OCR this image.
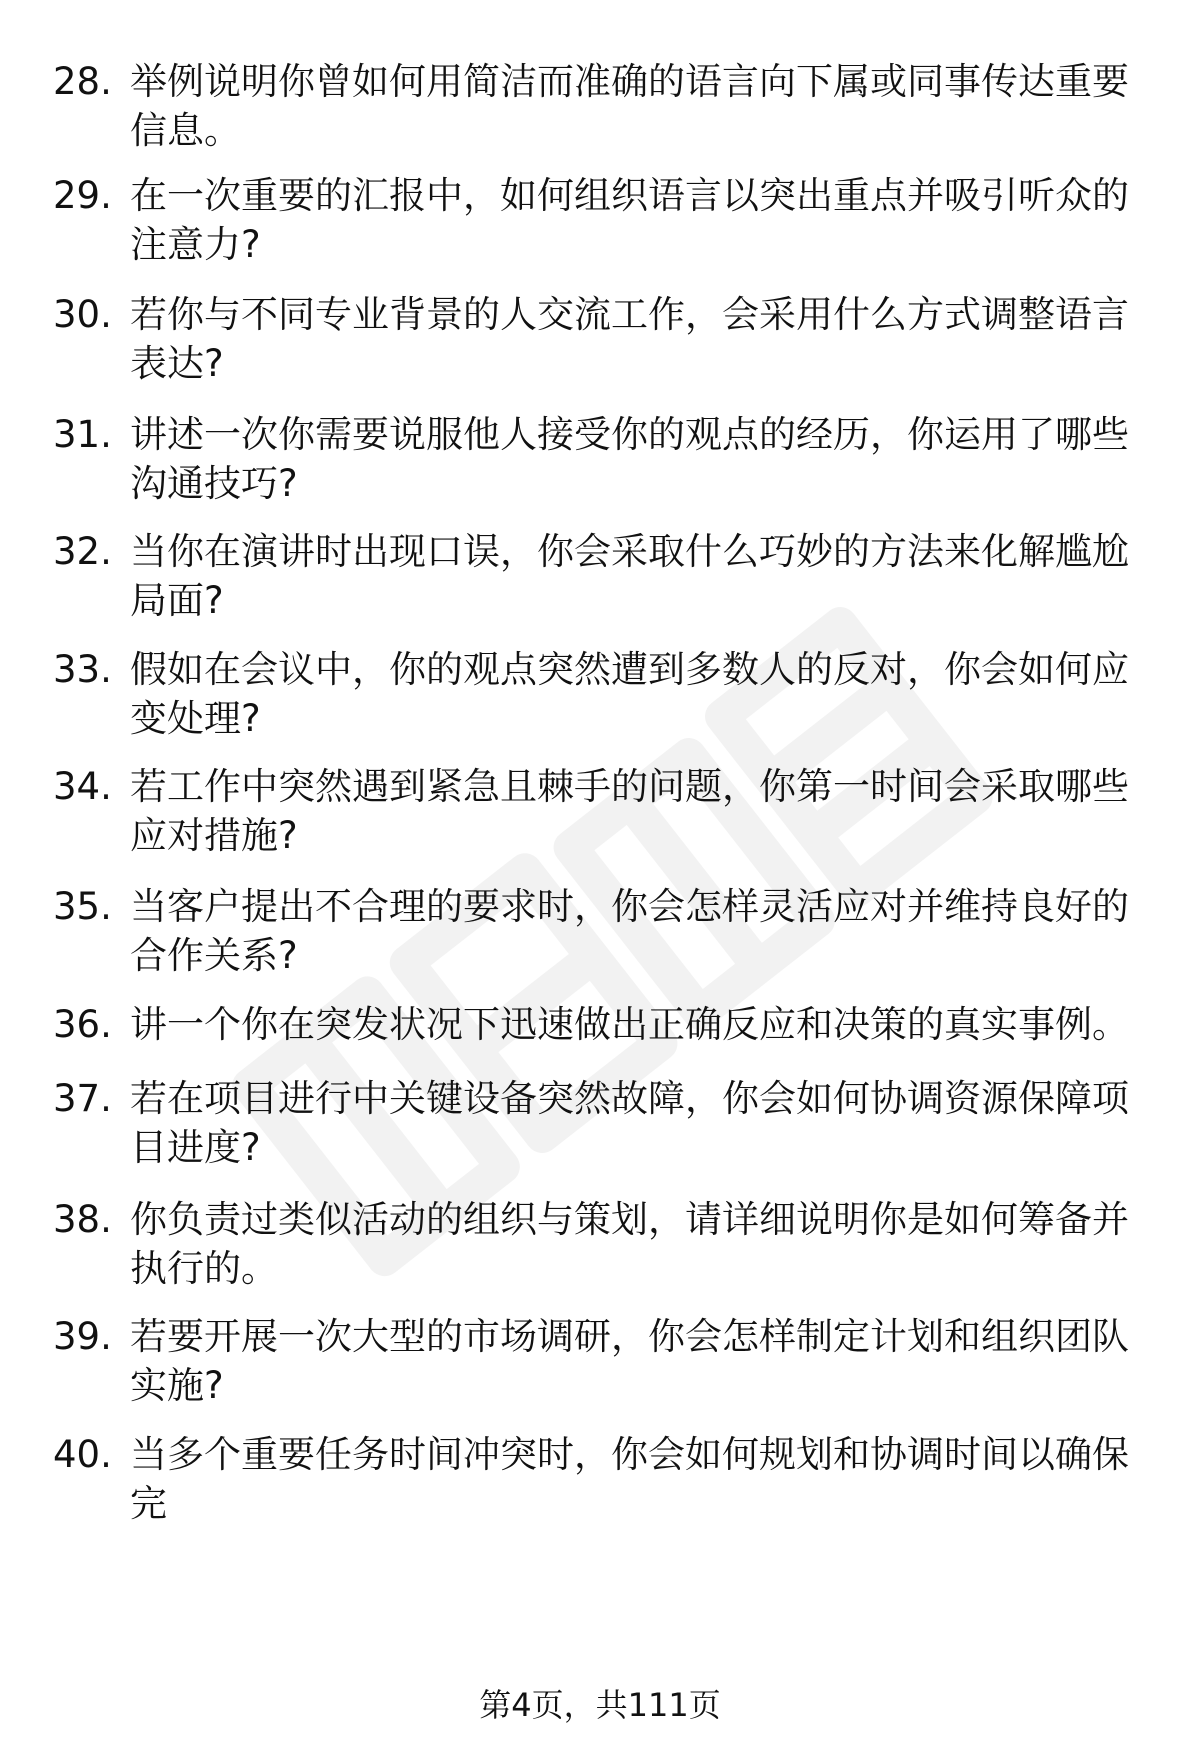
28. 举例说明你曾如何用简洁而准确的语言向下属或同事传达重要信息。
29. 在一次重要的汇报中，如何组织语言以突出重点并吸引听众的注意力?
30. 若你与不同专业背景的人交流工作，会采用什么方式调整语言表达?
31. 讲述一次你需要说服他人接受你的观点的经历，你运用了哪些沟通技巧?
32. 当你在演讲时出现口误，你会采取什么巧妙的方法来化解尴尬局面?
33. 假如在会议中，你的观点突然遭到多数人的反对，你会如何应变处理?
34. 若工作中突然遇到紧急且棘手的问题，你第一时间会采取哪些应对措施?
35. 当客户提出不合理的要求时，你会怎样灵活应对并维持良好的合作关系?
36. 讲一个你在突发状况下迅速做出正确反应和决策的真实事例。
37. 若在项目进行中关键设备突然故障，你会如何协调资源保障项目进度?
38. 你负责过类似活动的组织与策划，请详细说明你是如何筹备并执行的。
39. 若要开展一次大型的市场调研，你会怎样制定计划和组织团队实施?
40. 当多个重要任务时间冲突时，你会如何规划和协调时间以确保完
第4页，共111页
